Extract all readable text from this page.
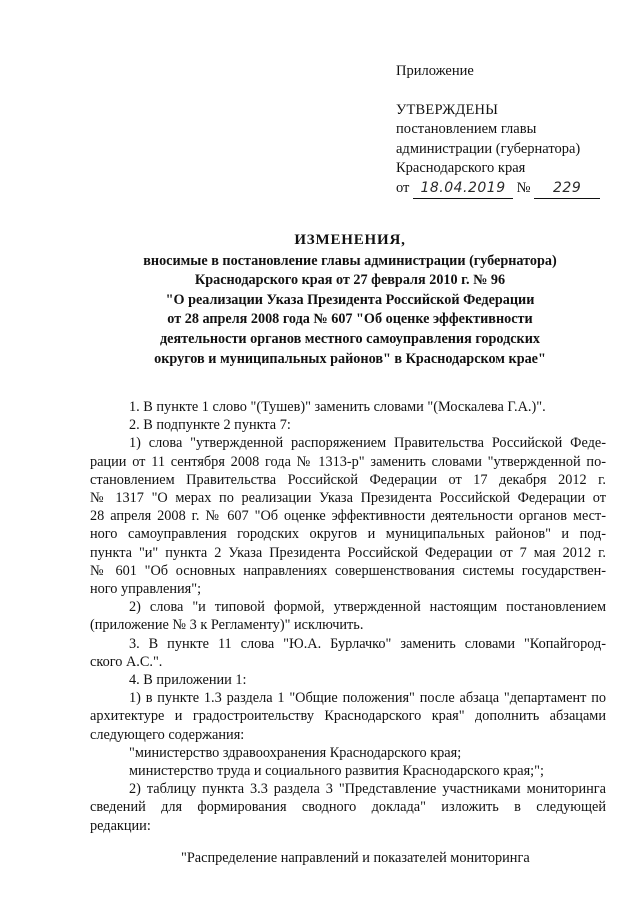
Приложение
УТВЕРЖДЕНЫ
постановлением главы
администрации (губернатора)
Краснодарского края
от 18.04.2019 № 229
ИЗМЕНЕНИЯ,
вносимые в постановление главы администрации (губернатора)
Краснодарского края от 27 февраля 2010 г. № 96
"О реализации Указа Президента Российской Федерации
от 28 апреля 2008 года № 607 "Об оценке эффективности
деятельности органов местного самоуправления городских
округов и муниципальных районов" в Краснодарском крае"
1. В пункте 1 слово "(Тушев)" заменить словами "(Москалева Г.А.)".
2. В подпункте 2 пункта 7:
1) слова "утвержденной распоряжением Правительства Российской Феде-
рации от 11 сентября 2008 года № 1313-р" заменить словами "утвержденной по-
становлением Правительства Российской Федерации от 17 декабря 2012 г.
№ 1317 "О мерах по реализации Указа Президента Российской Федерации от
28 апреля 2008 г. № 607 "Об оценке эффективности деятельности органов мест-
ного самоуправления городских округов и муниципальных районов" и под-
пункта "и" пункта 2 Указа Президента Российской Федерации от 7 мая 2012 г.
№ 601 "Об основных направлениях совершенствования системы государствен-
ного управления";
2) слова "и типовой формой, утвержденной настоящим постановлением
(приложение № 3 к Регламенту)" исключить.
3. В пункте 11 слова "Ю.А. Бурлачко" заменить словами "Копайгород-
ского А.С.".
4. В приложении 1:
1) в пункте 1.3 раздела 1 "Общие положения" после абзаца "департамент по
архитектуре и градостроительству Краснодарского края" дополнить абзацами
следующего содержания:
"министерство здравоохранения Краснодарского края;
министерство труда и социального развития Краснодарского края;";
2) таблицу пункта 3.3 раздела 3 "Представление участниками мониторинга
сведений для формирования сводного доклада" изложить в следующей
редакции:
"Распределение направлений и показателей мониторинга
